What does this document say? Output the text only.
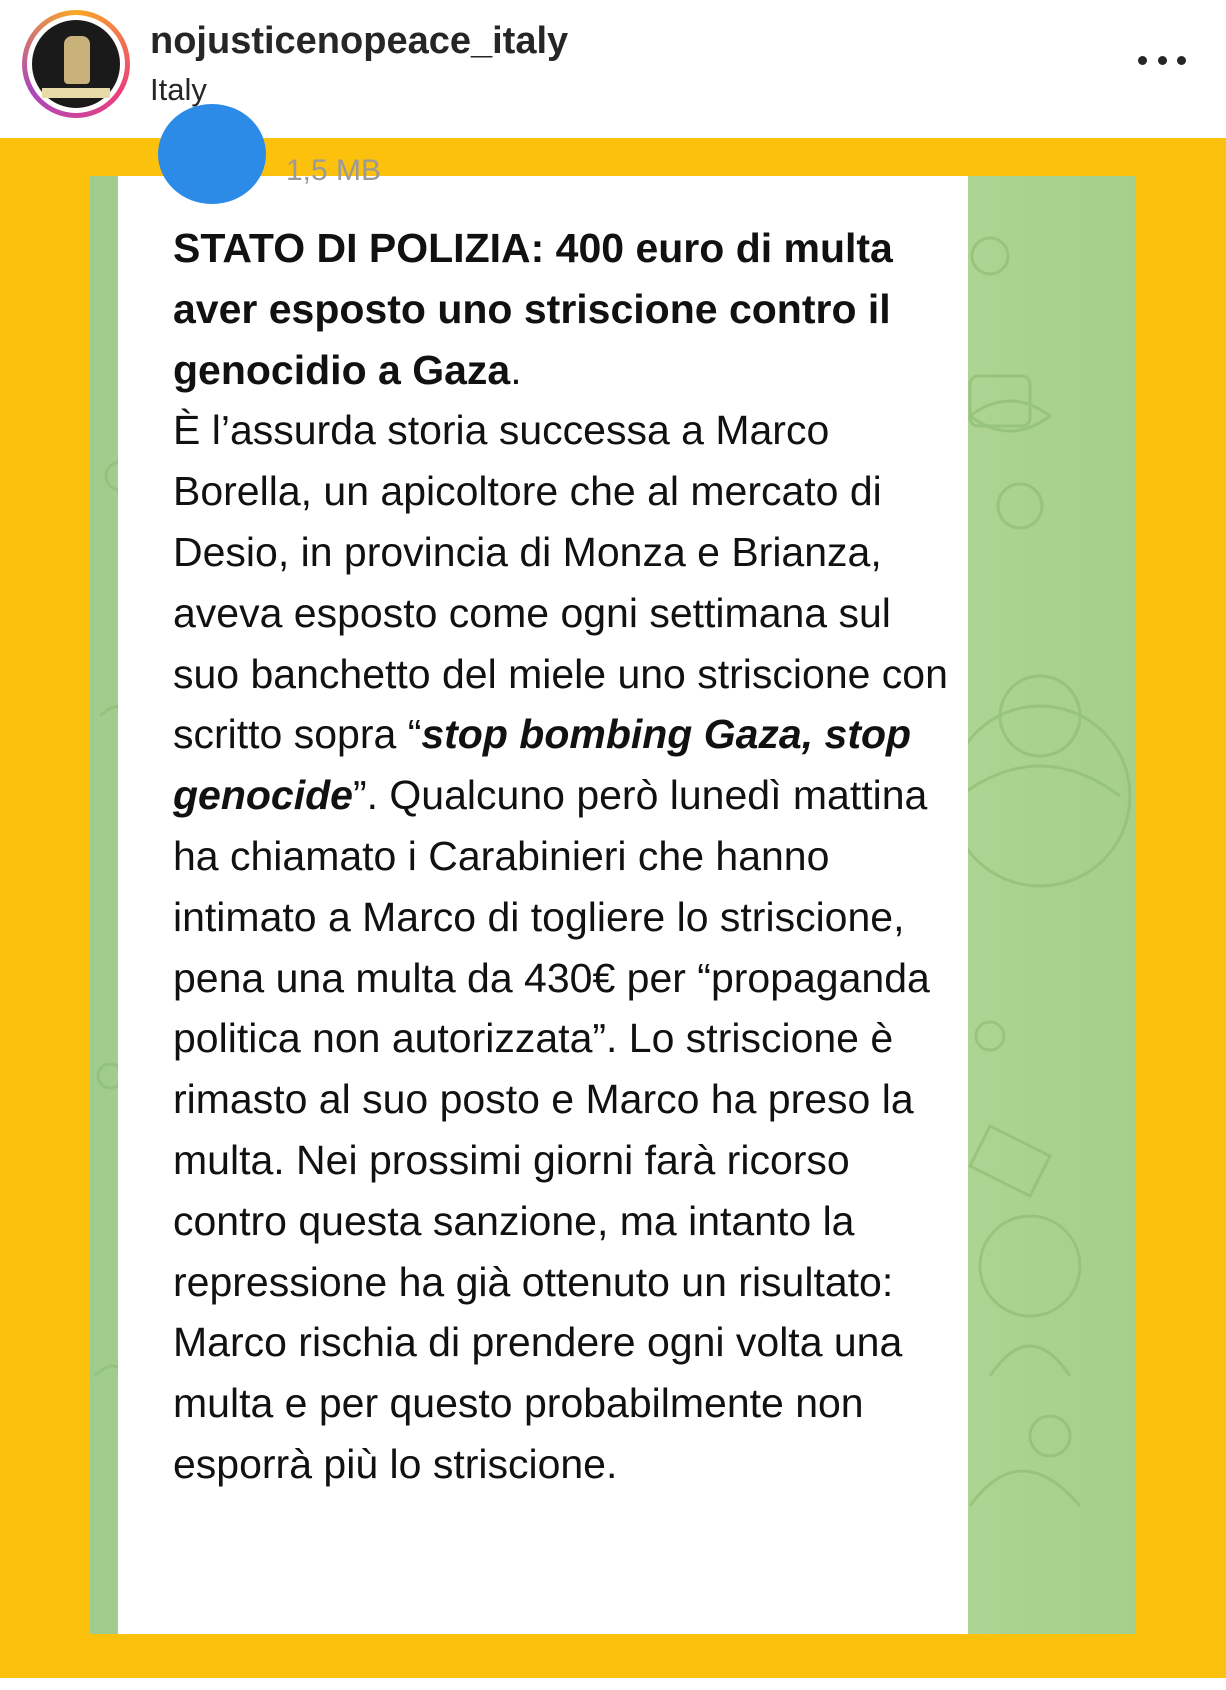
nojusticenopeace_italy
Italy
1,5 MB

STATO DI POLIZIA: 400 euro di multa aver esposto uno striscione contro il genocidio a Gaza.
È l’assurda storia successa a Marco Borella, un apicoltore che al mercato di Desio, in provincia di Monza e Brianza, aveva esposto come ogni settimana sul suo banchetto del miele uno striscione con scritto sopra “stop bombing Gaza, stop genocide”. Qualcuno però lunedì mattina ha chiamato i Carabinieri che hanno intimato a Marco di togliere lo striscione, pena una multa da 430€ per “propaganda politica non autorizzata”. Lo striscione è rimasto al suo posto e Marco ha preso la multa. Nei prossimi giorni farà ricorso contro questa sanzione, ma intanto la repressione ha già ottenuto un risultato: Marco rischia di prendere ogni volta una multa e per questo probabilmente non esporrà più lo striscione.
